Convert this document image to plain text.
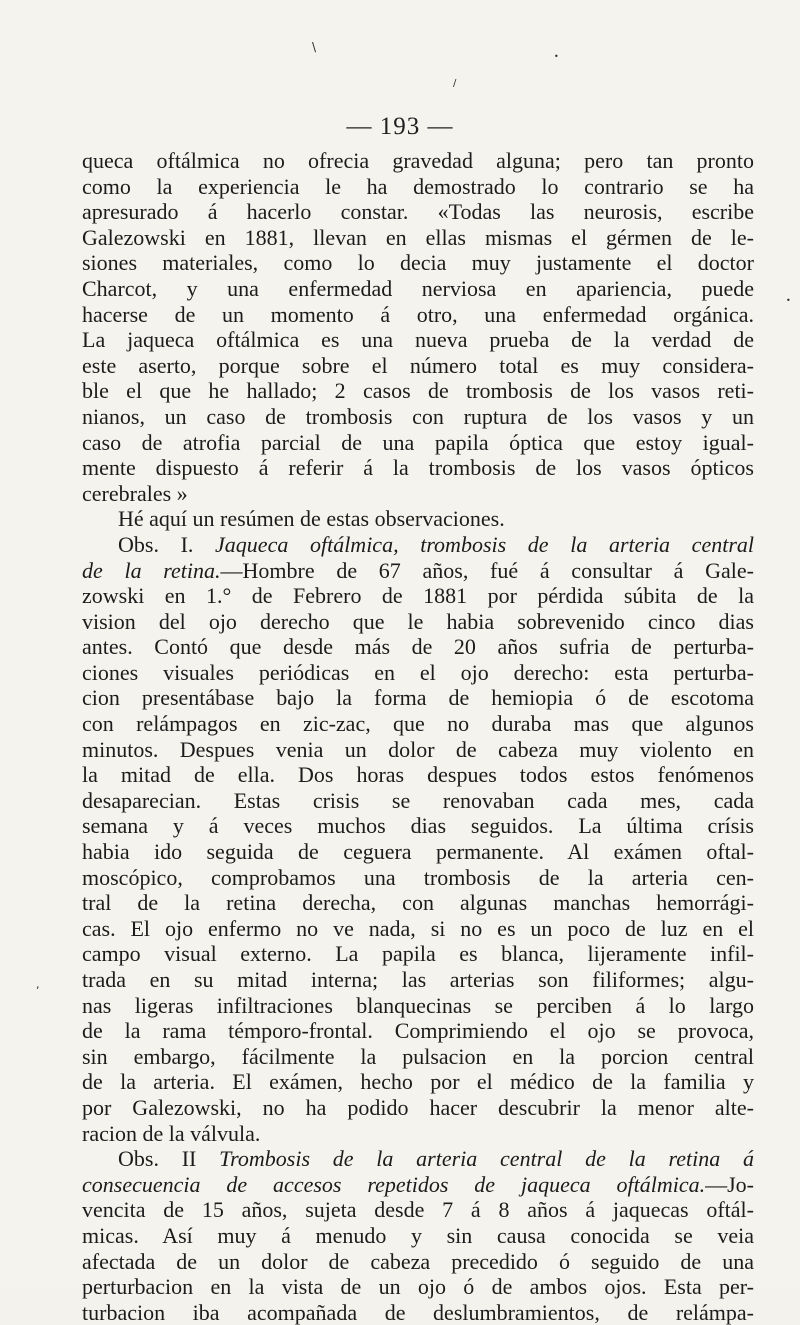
\
/
•
•
,
— 193 —
queca oftálmica no ofrecia gravedad alguna; pero tan pronto
como la experiencia le ha demostrado lo contrario se ha
apresurado á hacerlo constar. «Todas las neurosis, escribe
Galezowski en 1881, llevan en ellas mismas el gérmen de le-
siones materiales, como lo decia muy justamente el doctor
Charcot, y una enfermedad nerviosa en apariencia, puede
hacerse de un momento á otro, una enfermedad orgánica.
La jaqueca oftálmica es una nueva prueba de la verdad de
este aserto, porque sobre el número total es muy considera-
ble el que he hallado; 2 casos de trombosis de los vasos reti-
nianos, un caso de trombosis con ruptura de los vasos y un
caso de atrofia parcial de una papila óptica que estoy igual-
mente dispuesto á referir á la trombosis de los vasos ópticos
cerebrales »
Hé aquí un resúmen de estas observaciones.
Obs. I. Jaqueca oftálmica, trombosis de la arteria central
de la retina.—Hombre de 67 años, fué á consultar á Gale-
zowski en 1.° de Febrero de 1881 por pérdida súbita de la
vision del ojo derecho que le habia sobrevenido cinco dias
antes. Contó que desde más de 20 años sufria de perturba-
ciones visuales periódicas en el ojo derecho: esta perturba-
cion presentábase bajo la forma de hemiopia ó de escotoma
con relámpagos en zic-zac, que no duraba mas que algunos
minutos. Despues venia un dolor de cabeza muy violento en
la mitad de ella. Dos horas despues todos estos fenómenos
desaparecian. Estas crisis se renovaban cada mes, cada
semana y á veces muchos dias seguidos. La última crísis
habia ido seguida de ceguera permanente. Al exámen oftal-
moscópico, comprobamos una trombosis de la arteria cen-
tral de la retina derecha, con algunas manchas hemorrági-
cas. El ojo enfermo no ve nada, si no es un poco de luz en el
campo visual externo. La papila es blanca, lijeramente infil-
trada en su mitad interna; las arterias son filiformes; algu-
nas ligeras infiltraciones blanquecinas se perciben á lo largo
de la rama témporo-frontal. Comprimiendo el ojo se provoca,
sin embargo, fácilmente la pulsacion en la porcion central
de la arteria. El exámen, hecho por el médico de la familia y
por Galezowski, no ha podido hacer descubrir la menor alte-
racion de la válvula.
Obs. II Trombosis de la arteria central de la retina á
consecuencia de accesos repetidos de jaqueca oftálmica.—Jo-
vencita de 15 años, sujeta desde 7 á 8 años á jaquecas oftál-
micas. Así muy á menudo y sin causa conocida se veia
afectada de un dolor de cabeza precedido ó seguido de una
perturbacion en la vista de un ojo ó de ambos ojos. Esta per-
turbacion iba acompañada de deslumbramientos, de relámpa-
